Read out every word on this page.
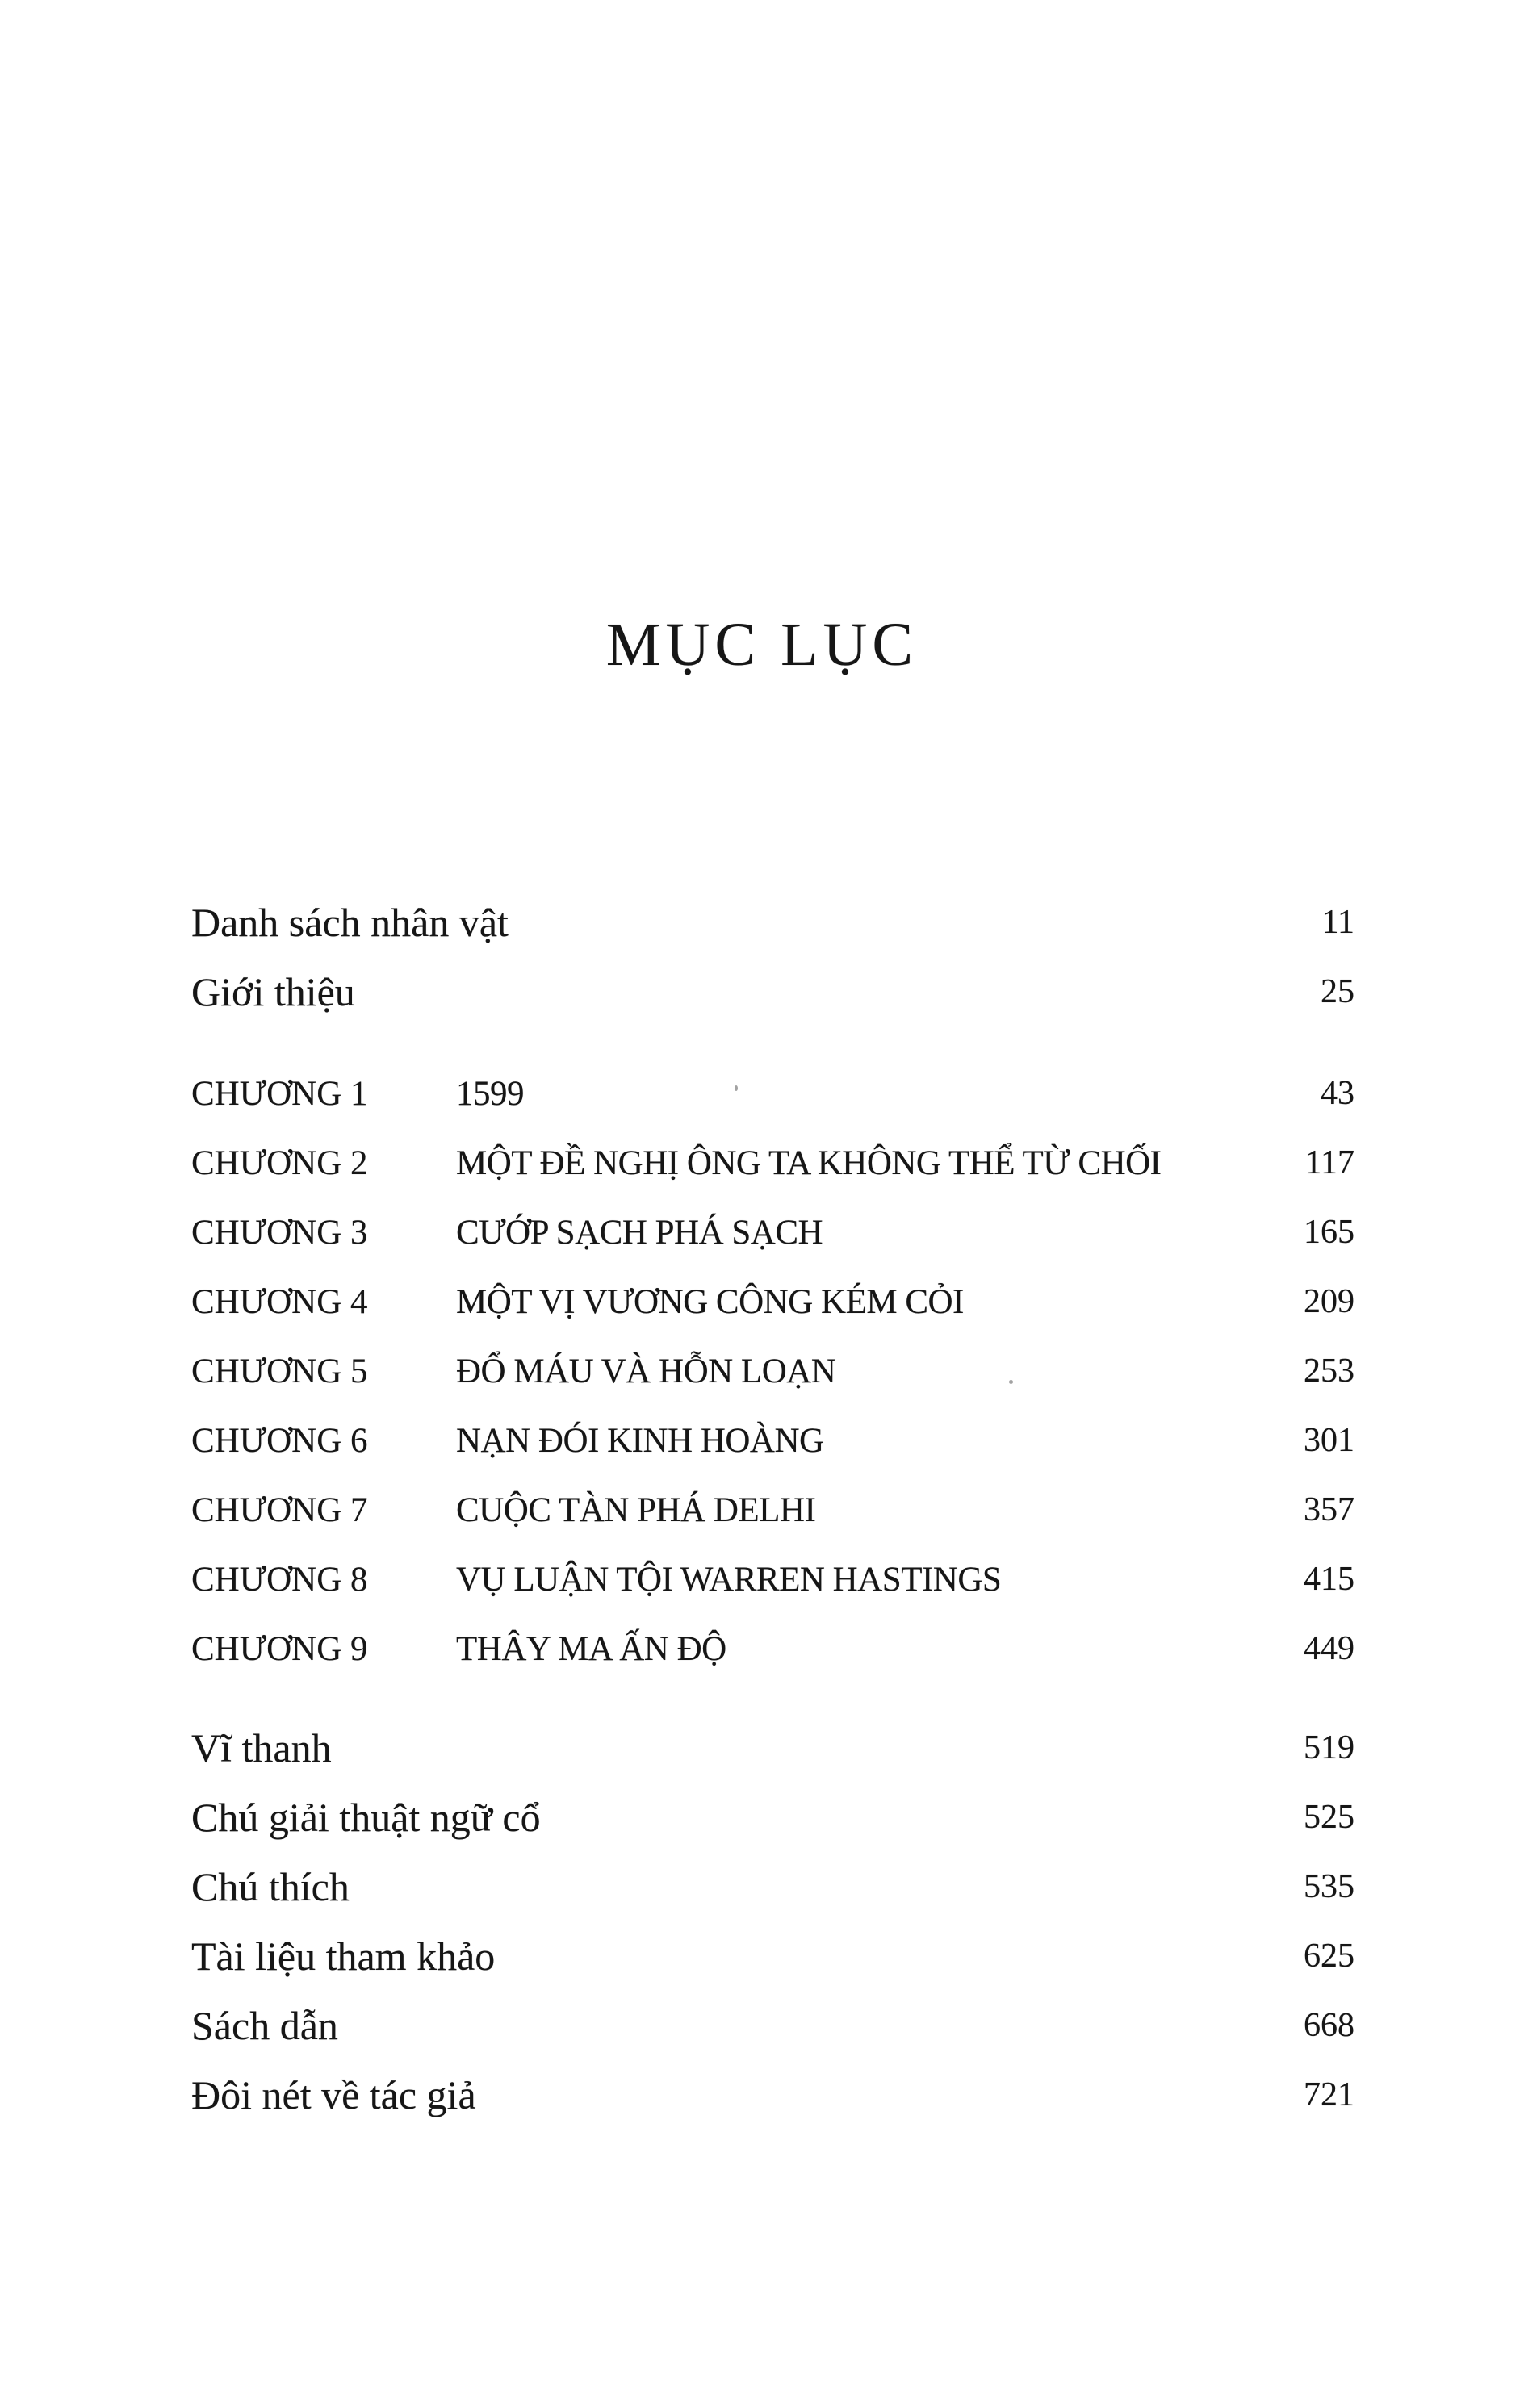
MỤC LỤC
Danh sách nhân vật	11
Giới thiệu	25
CHƯƠNG 1	1599	43
CHƯƠNG 2	MỘT ĐỀ NGHỊ ÔNG TA KHÔNG THỂ TỪ CHỐI	117
CHƯƠNG 3	CƯỚP SẠCH PHÁ SẠCH	165
CHƯƠNG 4	MỘT VỊ VƯƠNG CÔNG KÉM CỎI	209
CHƯƠNG 5	ĐỔ MÁU VÀ HỖN LOẠN	253
CHƯƠNG 6	NẠN ĐÓI KINH HOÀNG	301
CHƯƠNG 7	CUỘC TÀN PHÁ DELHI	357
CHƯƠNG 8	VỤ LUẬN TỘI WARREN HASTINGS	415
CHƯƠNG 9	THÂY MA ẤN ĐỘ	449
Vĩ thanh	519
Chú giải thuật ngữ cổ	525
Chú thích	535
Tài liệu tham khảo	625
Sách dẫn	668
Đôi nét về tác giả	721
